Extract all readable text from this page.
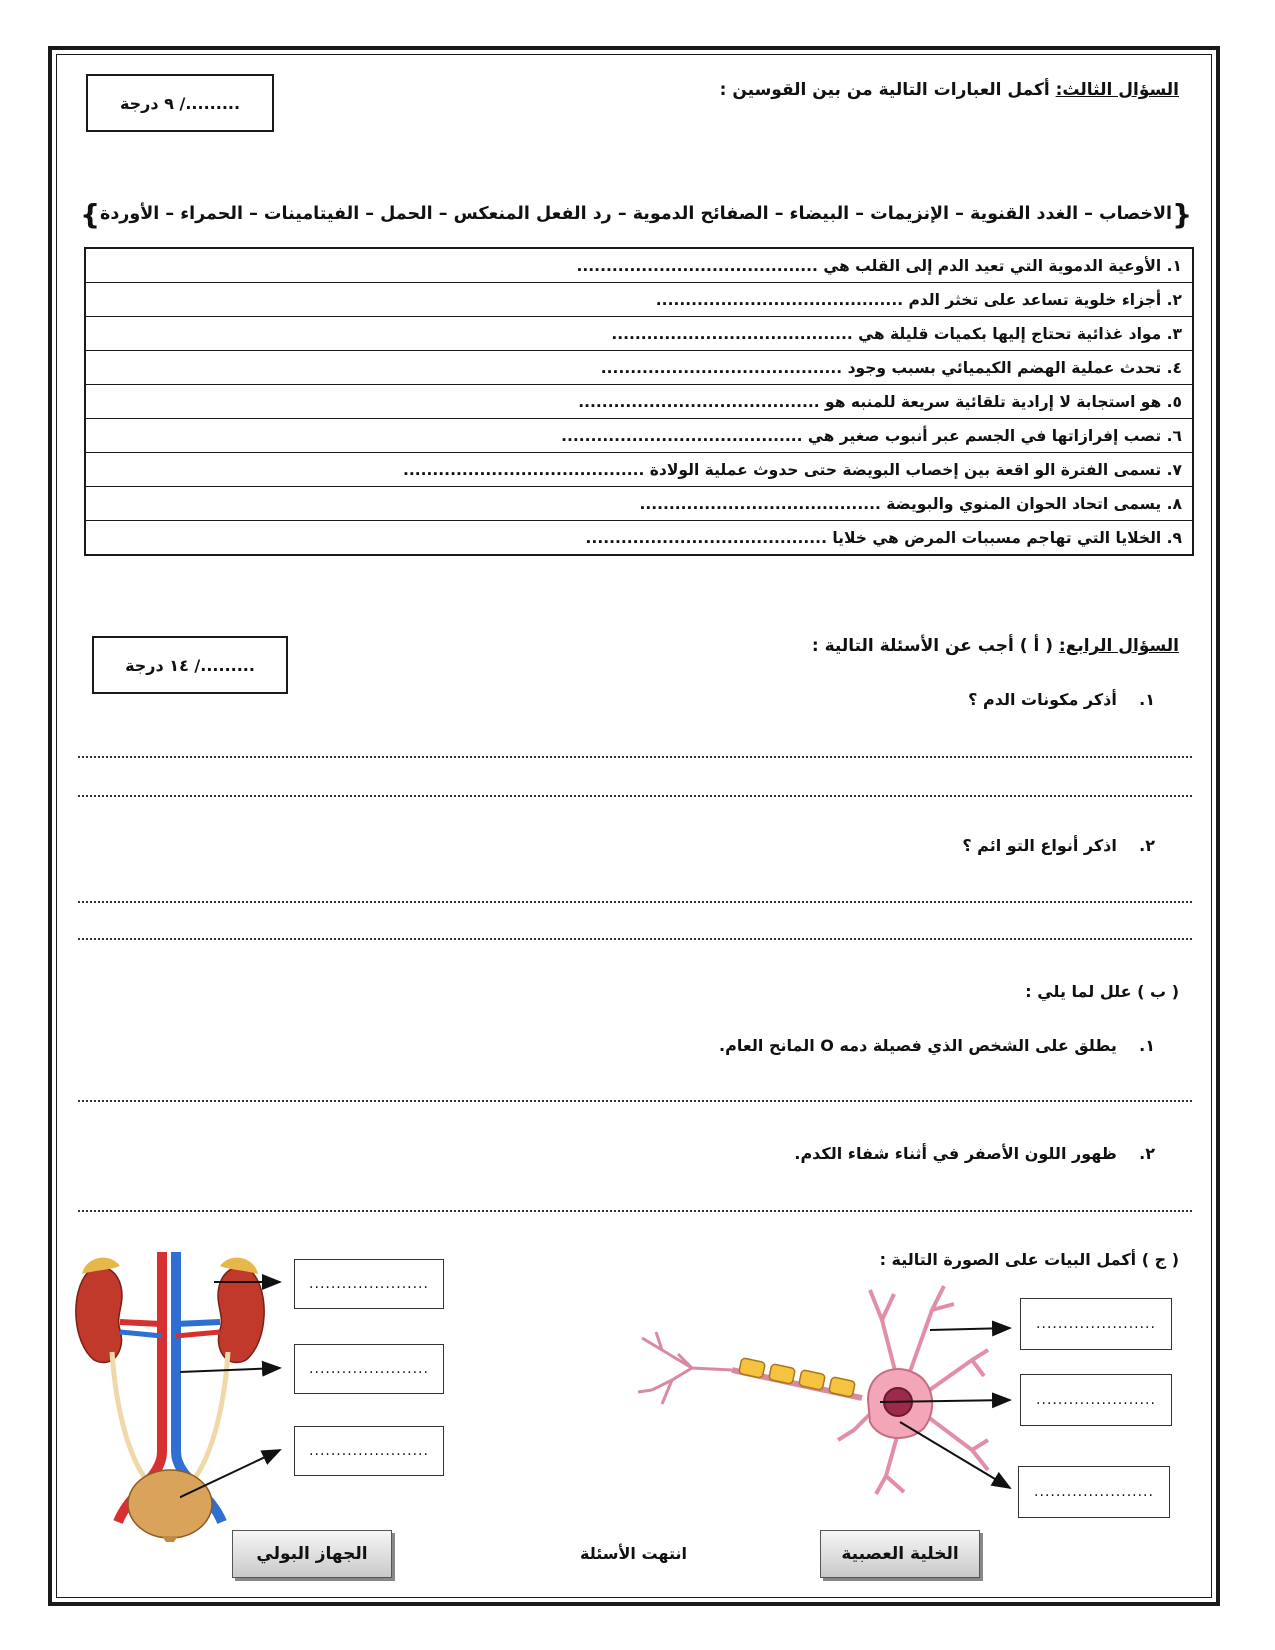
السؤال الثالث: أكمل العبارات التالية من بين القوسين :
........./ ٩ درجة
{
الاخصاب – الغدد القنوية – الإنزيمات – البيضاء – الصفائح الدموية – رد الفعل المنعكس – الحمل – الفيتامينات – الحمراء – الأوردة
}
١. الأوعية الدموية التي تعيد الدم إلى القلب هي .........................................
٢. أجزاء خلوية تساعد على تخثر الدم ..........................................
٣. مواد غذائية تحتاج إليها بكميات قليلة هي .........................................
٤. تحدث عملية الهضم الكيميائي بسبب وجود .........................................
٥. هو استجابة لا إرادية تلقائية سريعة للمنبه هو .........................................
٦. تصب إفرازاتها في الجسم عبر أنبوب صغير هي .........................................
٧. تسمى الفترة الو اقعة بين إخصاب البويضة حتى حدوث عملية الولادة .........................................
٨. يسمى اتحاد الحوان المنوي والبويضة .........................................
٩. الخلايا التي تهاجم مسببات المرض هي خلايا .........................................
السؤال الرابع: ( أ ) أجب عن الأسئلة التالية :
........./ ١٤ درجة
١.    أذكر مكونات الدم ؟
٢.    اذكر أنواع التو ائم ؟
( ب ) علل لما يلي :
١.    يطلق على الشخص الذي فصيلة دمه O المانح العام.
٢.    ظهور اللون الأصفر في أثناء شفاء الكدم.
( ج ) أكمل البيات على الصورة التالية :
......................
......................
......................
......................
......................
......................
الجهاز البولي	الخلية العصبية
انتهت الأسئلة
